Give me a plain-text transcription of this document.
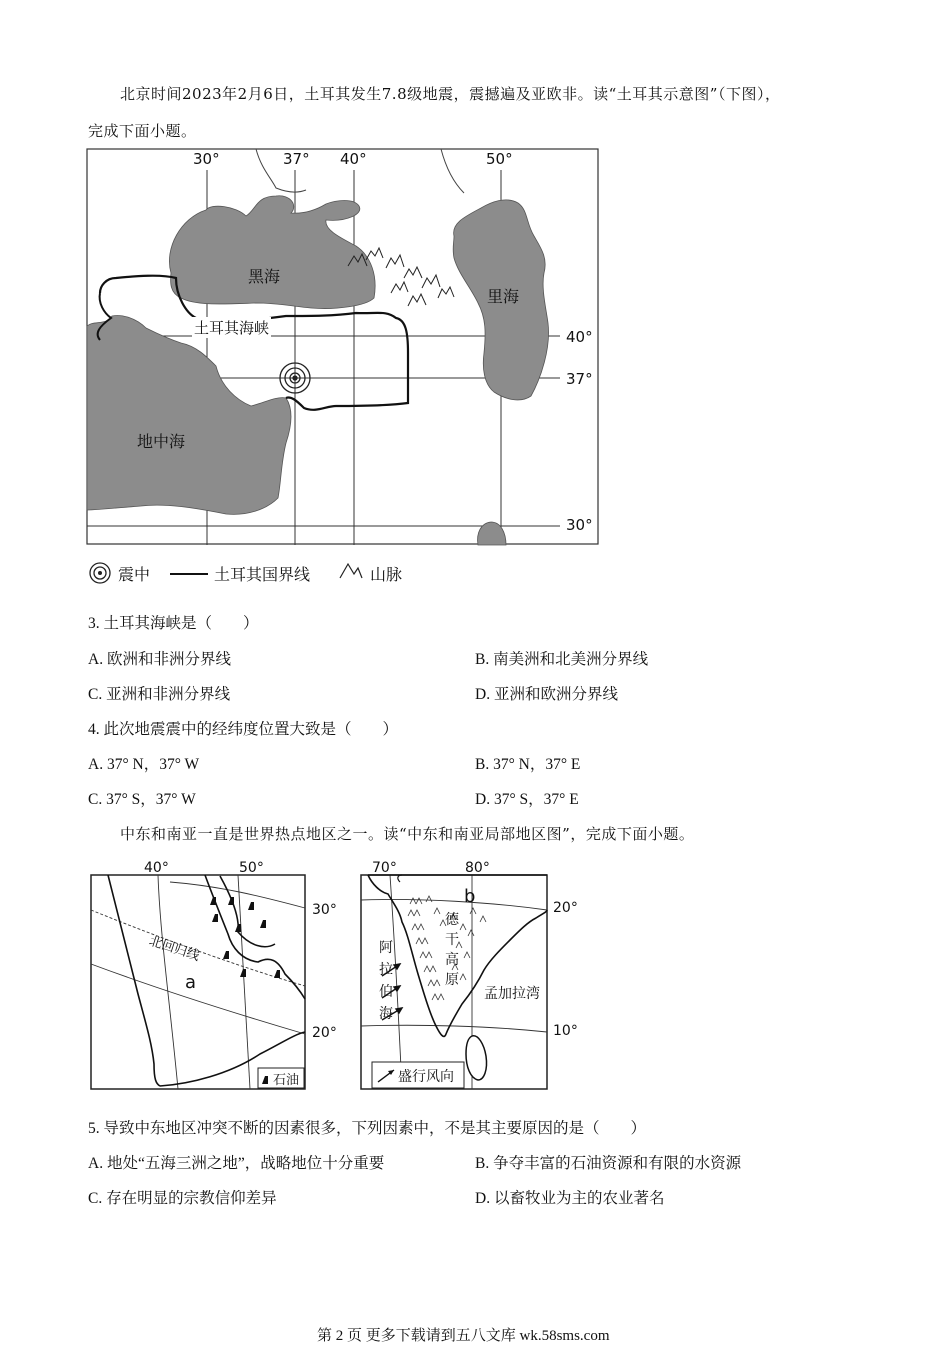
北京时间2023年2月6日，土耳其发生7.8级地震，震撼遍及亚欧非。读“土耳其示意图”（下图），
完成下面小题。
30°	37° 40°	50°
40°
37°
30°
黑海
里海
地中海
土耳其海峡
震中	土耳其国界线	山脉
3. 土耳其海峡是（　　）
A. 欧洲和非洲分界线	B. 南美洲和北美洲分界线
C. 亚洲和非洲分界线	D. 亚洲和欧洲分界线
4. 此次地震震中的经纬度位置大致是（　　）
A. 37° N，37° W	B. 37° N，37° E
C. 37° S，37° W	D. 37° S，37° E
中东和南亚一直是世界热点地区之一。读“中东和南亚局部地区图”，完成下面小题。
40°	50°
30°
20°
北回归线
a
石油
70°	80°
20°
10°
b
德
干
高
原
阿
拉
伯
海
孟加拉湾
盛行风向
5. 导致中东地区冲突不断的因素很多，下列因素中，不是其主要原因的是（　　）
A. 地处“五海三洲之地”，战略地位十分重要	B. 争夺丰富的石油资源和有限的水资源
C. 存在明显的宗教信仰差异	D. 以畜牧业为主的农业著名
第 2 页 更多下载请到五八文库 wk.58sms.com
